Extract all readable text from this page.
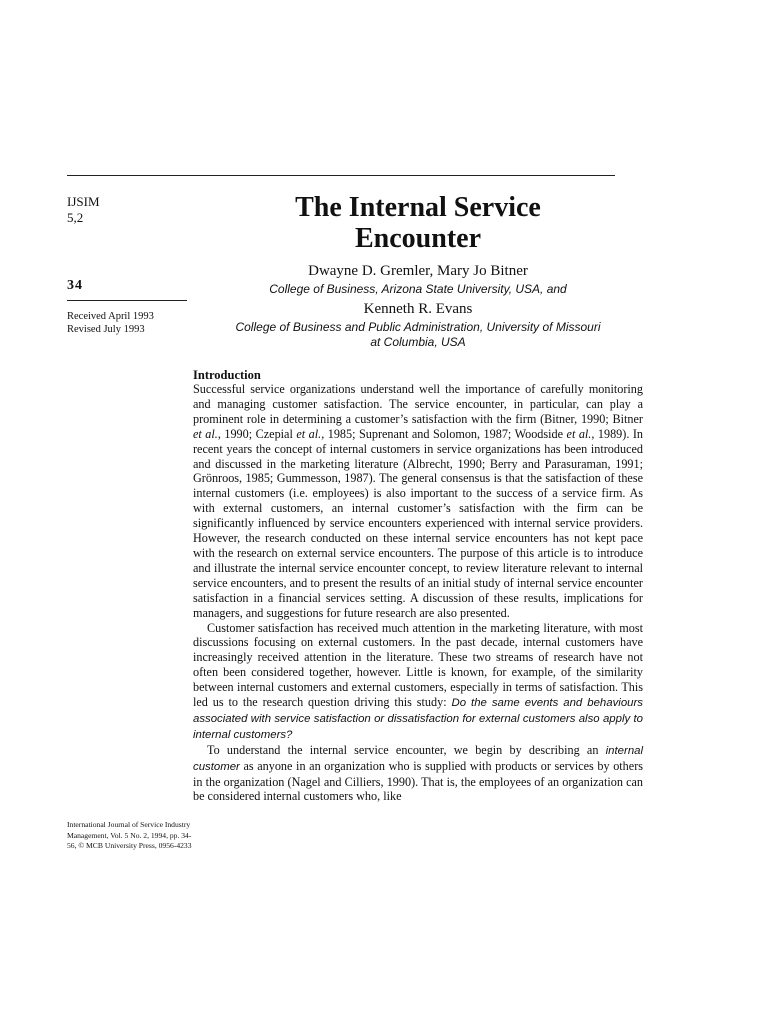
IJSIM
5,2
34
Received April 1993
Revised July 1993
International Journal of Service Industry Management, Vol. 5 No. 2, 1994, pp. 34-56, © MCB University Press, 0956-4233
The Internal Service
Encounter
Dwayne D. Gremler, Mary Jo Bitner
College of Business, Arizona State University, USA, and
Kenneth R. Evans
College of Business and Public Administration, University of Missouri
at Columbia, USA
Introduction

Successful service organizations understand well the importance of carefully monitoring and managing customer satisfaction. The service encounter, in particular, can play a prominent role in determining a customer’s satisfaction with the firm (Bitner, 1990; Bitner et al., 1990; Czepial et al., 1985; Suprenant and Solomon, 1987; Woodside et al., 1989). In recent years the concept of internal customers in service organizations has been introduced and discussed in the marketing literature (Albrecht, 1990; Berry and Parasuraman, 1991; Grönroos, 1985; Gummesson, 1987). The general consensus is that the satisfaction of these internal customers (i.e. employees) is also important to the success of a service firm. As with external customers, an internal customer’s satisfaction with the firm can be significantly influenced by service encounters experienced with internal service providers. However, the research conducted on these internal service encounters has not kept pace with the research on external service encounters. The purpose of this article is to introduce and illustrate the internal service encounter concept, to review literature relevant to internal service encounters, and to present the results of an initial study of internal service encounter satisfaction in a financial services setting. A discussion of these results, implications for managers, and suggestions for future research are also presented.

Customer satisfaction has received much attention in the marketing literature, with most discussions focusing on external customers. In the past decade, internal customers have increasingly received attention in the literature. These two streams of research have not often been considered together, however. Little is known, for example, of the similarity between internal customers and external customers, especially in terms of satisfaction. This led us to the research question driving this study: Do the same events and behaviours associated with service satisfaction or dissatisfaction for external customers also apply to internal customers?

To understand the internal service encounter, we begin by describing an internal customer as anyone in an organization who is supplied with products or services by others in the organization (Nagel and Cilliers, 1990). That is, the employees of an organization can be considered internal customers who, like
